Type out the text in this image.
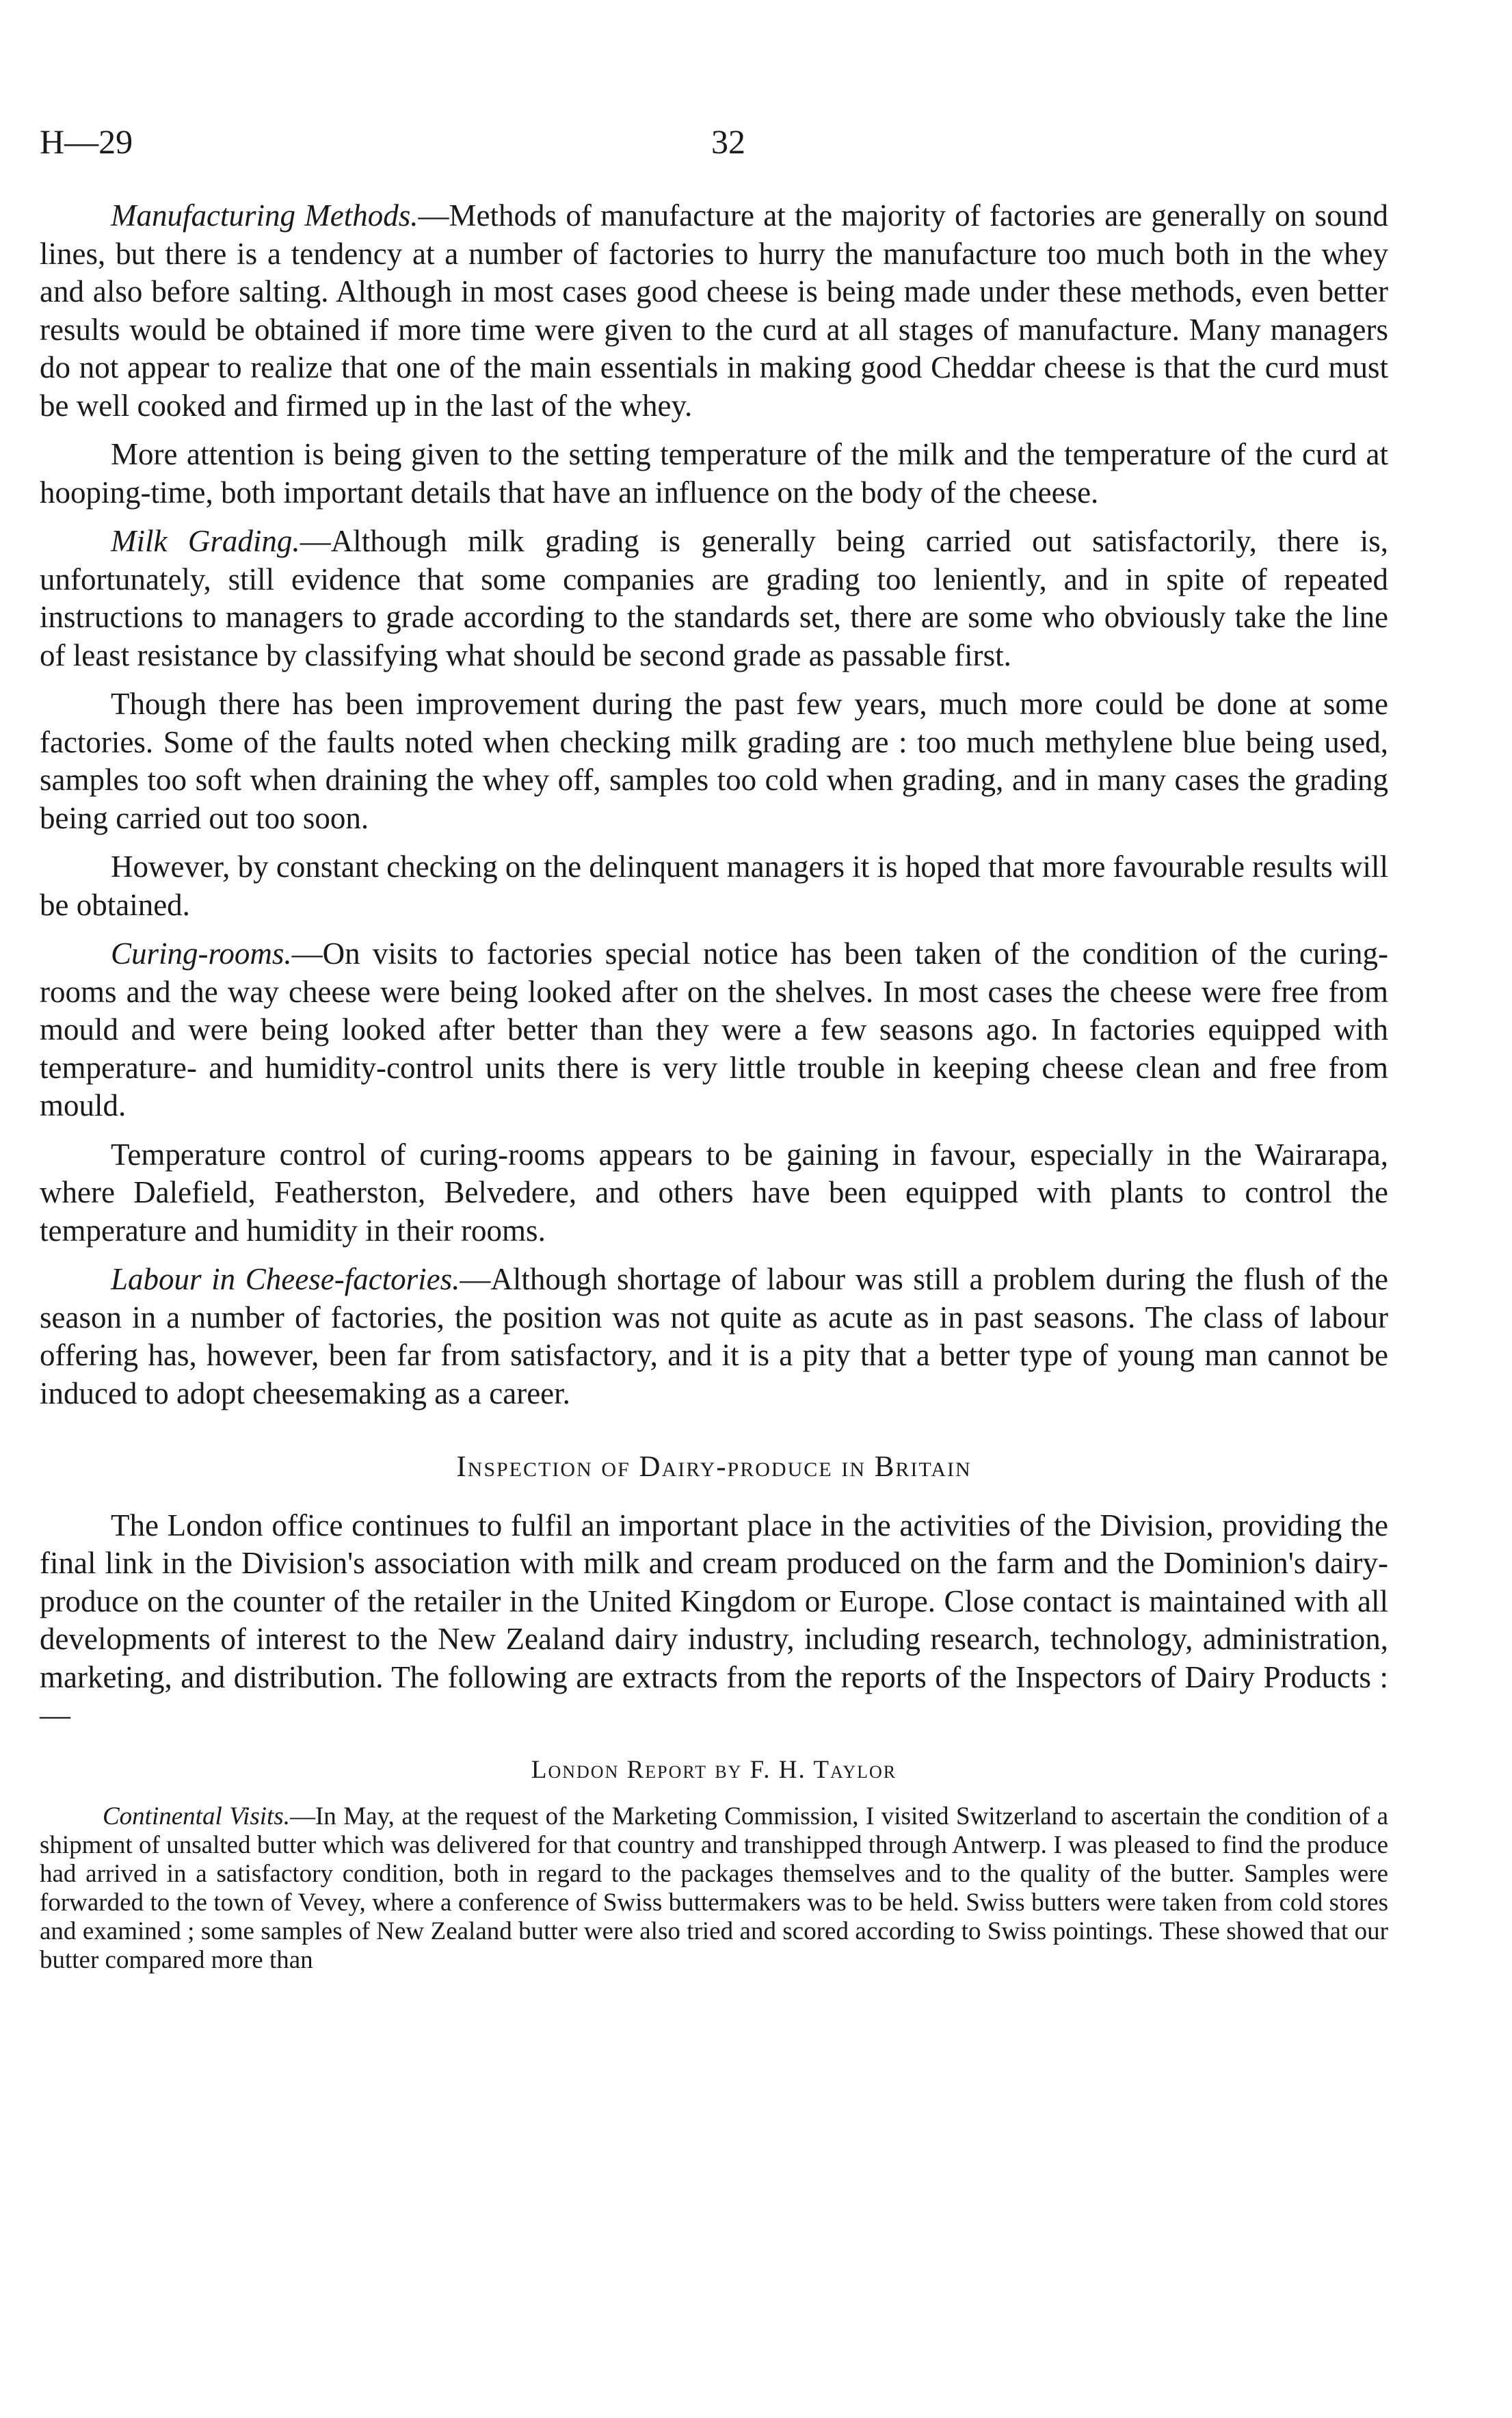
H—29	32

Manufacturing Methods.—Methods of manufacture at the majority of factories are generally on sound lines, but there is a tendency at a number of factories to hurry the manufacture too much both in the whey and also before salting. Although in most cases good cheese is being made under these methods, even better results would be obtained if more time were given to the curd at all stages of manufacture. Many managers do not appear to realize that one of the main essentials in making good Cheddar cheese is that the curd must be well cooked and firmed up in the last of the whey.

More attention is being given to the setting temperature of the milk and the temperature of the curd at hooping-time, both important details that have an influence on the body of the cheese.

Milk Grading.—Although milk grading is generally being carried out satisfactorily, there is, unfortunately, still evidence that some companies are grading too leniently, and in spite of repeated instructions to managers to grade according to the standards set, there are some who obviously take the line of least resistance by classifying what should be second grade as passable first.

Though there has been improvement during the past few years, much more could be done at some factories. Some of the faults noted when checking milk grading are : too much methylene blue being used, samples too soft when draining the whey off, samples too cold when grading, and in many cases the grading being carried out too soon.

However, by constant checking on the delinquent managers it is hoped that more favourable results will be obtained.

Curing-rooms.—On visits to factories special notice has been taken of the condition of the curing-rooms and the way cheese were being looked after on the shelves. In most cases the cheese were free from mould and were being looked after better than they were a few seasons ago. In factories equipped with temperature- and humidity-control units there is very little trouble in keeping cheese clean and free from mould.

Temperature control of curing-rooms appears to be gaining in favour, especially in the Wairarapa, where Dalefield, Featherston, Belvedere, and others have been equipped with plants to control the temperature and humidity in their rooms.

Labour in Cheese-factories.—Although shortage of labour was still a problem during the flush of the season in a number of factories, the position was not quite as acute as in past seasons. The class of labour offering has, however, been far from satisfactory, and it is a pity that a better type of young man cannot be induced to adopt cheesemaking as a career.

Inspection of Dairy-produce in Britain

The London office continues to fulfil an important place in the activities of the Division, providing the final link in the Division's association with milk and cream produced on the farm and the Dominion's dairy-produce on the counter of the retailer in the United Kingdom or Europe. Close contact is maintained with all developments of interest to the New Zealand dairy industry, including research, technology, administration, marketing, and distribution. The following are extracts from the reports of the Inspectors of Dairy Products :—

London Report by F. H. Taylor

Continental Visits.—In May, at the request of the Marketing Commission, I visited Switzerland to ascertain the condition of a shipment of unsalted butter which was delivered for that country and transhipped through Antwerp. I was pleased to find the produce had arrived in a satisfactory condition, both in regard to the packages themselves and to the quality of the butter. Samples were forwarded to the town of Vevey, where a conference of Swiss buttermakers was to be held. Swiss butters were taken from cold stores and examined ; some samples of New Zealand butter were also tried and scored according to Swiss pointings. These showed that our butter compared more than
